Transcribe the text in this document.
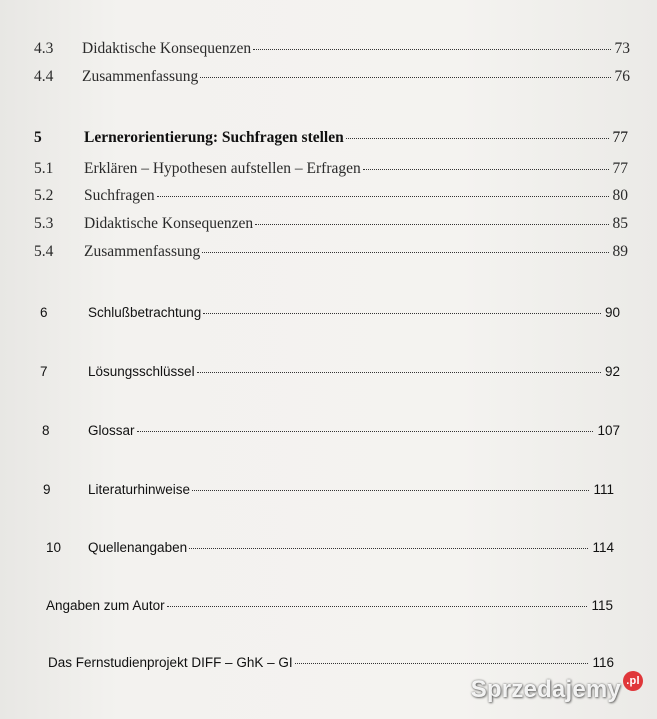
4.3	Didaktische Konsequenzen	73
4.4	Zusammenfassung	76
5	Lernerorientierung: Suchfragen stellen	77
5.1	Erklären – Hypothesen aufstellen – Erfragen	77
5.2	Suchfragen	80
5.3	Didaktische Konsequenzen	85
5.4	Zusammenfassung	89
6	Schlußbetrachtung	90
7	Lösungsschlüssel	92
8	Glossar	107
9	Literaturhinweise	111
10	Quellenangaben	114
Angaben zum Autor	115
Das Fernstudienprojekt DIFF – GhK – GI	116
Sprzedajemy .pl
